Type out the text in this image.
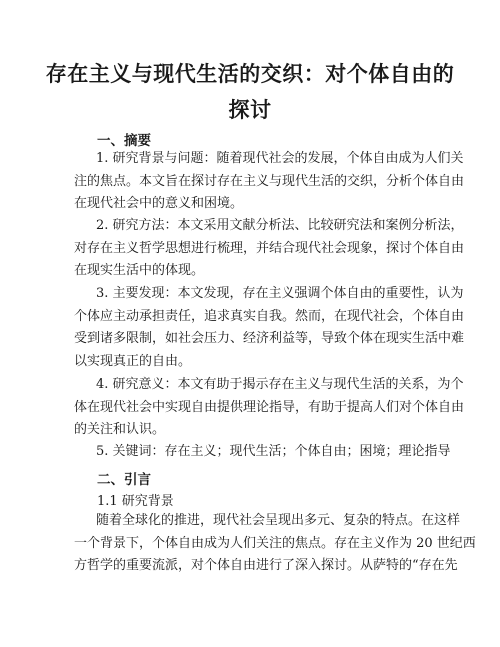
存在主义与现代生活的交织：对个体自由的
探讨
一、摘要
1. 研究背景与问题：随着现代社会的发展，个体自由成为人们关
注的焦点。本文旨在探讨存在主义与现代生活的交织，分析个体自由
在现代社会中的意义和困境。
2. 研究方法：本文采用文献分析法、比较研究法和案例分析法，
对存在主义哲学思想进行梳理，并结合现代社会现象，探讨个体自由
在现实生活中的体现。
3. 主要发现：本文发现，存在主义强调个体自由的重要性，认为
个体应主动承担责任，追求真实自我。然而，在现代社会，个体自由
受到诸多限制，如社会压力、经济利益等，导致个体在现实生活中难
以实现真正的自由。
4. 研究意义：本文有助于揭示存在主义与现代生活的关系，为个
体在现代社会中实现自由提供理论指导，有助于提高人们对个体自由
的关注和认识。
5. 关键词：存在主义；现代生活；个体自由；困境；理论指导
二、引言
1.1 研究背景
随着全球化的推进，现代社会呈现出多元、复杂的特点。在这样
一个背景下，个体自由成为人们关注的焦点。存在主义作为 20 世纪西
方哲学的重要流派，对个体自由进行了深入探讨。从萨特的“存在先
